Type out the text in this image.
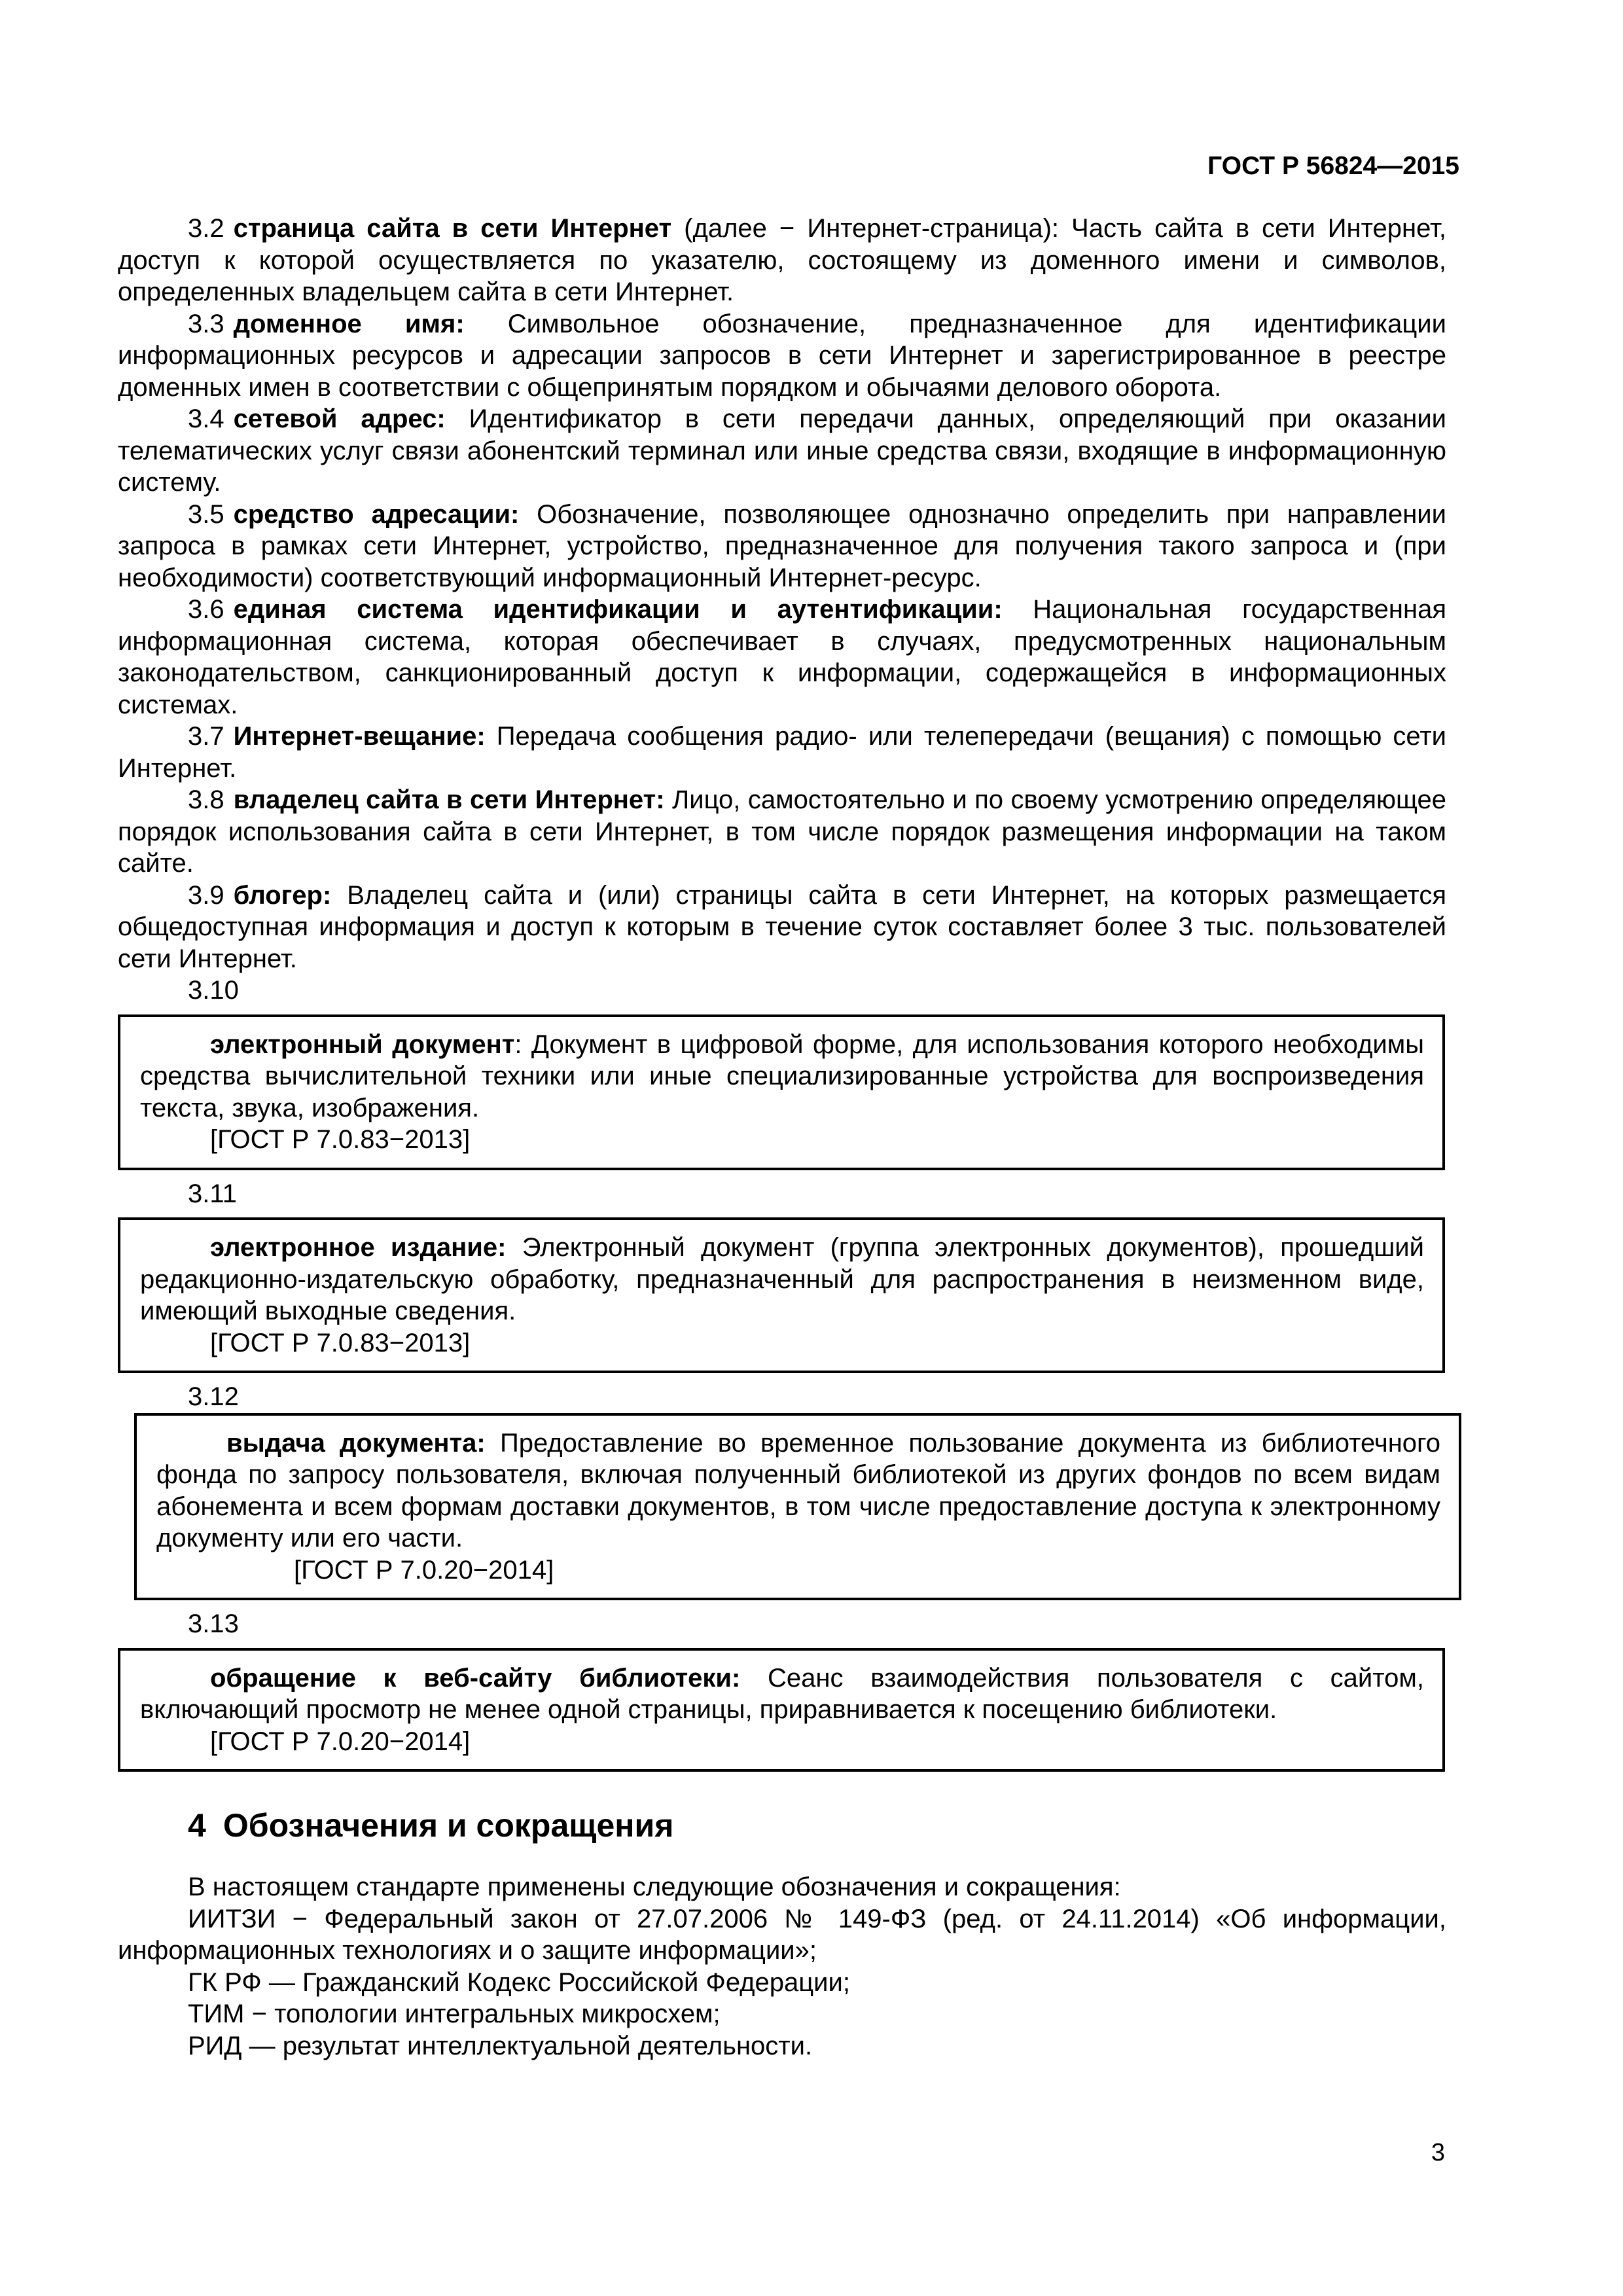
ГОСТ Р 56824—2015

3.2 страница сайта в сети Интернет (далее − Интернет-страница): Часть сайта в сети Интернет, доступ к которой осуществляется по указателю, состоящему из доменного имени и символов, определенных владельцем сайта в сети Интернет.

3.3 доменное имя: Символьное обозначение, предназначенное для идентификации информационных ресурсов и адресации запросов в сети Интернет и зарегистрированное в реестре доменных имен в соответствии с общепринятым порядком и обычаями делового оборота.

3.4 сетевой адрес: Идентификатор в сети передачи данных, определяющий при оказании телематических услуг связи абонентский терминал или иные средства связи, входящие в информационную систему.

3.5 средство адресации: Обозначение, позволяющее однозначно определить при направлении запроса в рамках сети Интернет, устройство, предназначенное для получения такого запроса и (при необходимости) соответствующий информационный Интернет-ресурс.

3.6 единая система идентификации и аутентификации: Национальная государственная информационная система, которая обеспечивает в случаях, предусмотренных национальным законодательством, санкционированный доступ к информации, содержащейся в информационных системах.

3.7 Интернет-вещание: Передача сообщения радио- или телепередачи (вещания) с помощью сети Интернет.

3.8 владелец сайта в сети Интернет: Лицо, самостоятельно и по своему усмотрению определяющее порядок использования сайта в сети Интернет, в том числе порядок размещения информации на таком сайте.

3.9 блогер: Владелец сайта и (или) страницы сайта в сети Интернет, на которых размещается общедоступная информация и доступ к которым в течение суток составляет более 3 тыс. пользователей сети Интернет.

3.10

электронный документ: Документ в цифровой форме, для использования которого необходимы средства вычислительной техники или иные специализированные устройства для воспроизведения текста, звука, изображения.

[ГОСТ Р 7.0.83−2013]

3.11

электронное издание: Электронный документ (группа электронных документов), прошедший редакционно-издательскую обработку, предназначенный для распространения в неизменном виде, имеющий выходные сведения.

[ГОСТ Р 7.0.83−2013]

3.12

выдача документа: Предоставление во временное пользование документа из библиотечного фонда по запросу пользователя, включая полученный библиотекой из других фондов по всем видам абонемента и всем формам доставки документов, в том числе предоставление доступа к электронному документу или его части.

[ГОСТ Р 7.0.20−2014]

3.13

обращение к веб-сайту библиотеки: Сеанс взаимодействия пользователя с сайтом, включающий просмотр не менее одной страницы, приравнивается к посещению библиотеки.

[ГОСТ Р 7.0.20−2014]

4 Обозначения и сокращения

В настоящем стандарте применены следующие обозначения и сокращения:

ИИТЗИ − Федеральный закон от 27.07.2006 № 149-ФЗ (ред. от 24.11.2014) «Об информации, информационных технологиях и о защите информации»;

ГК РФ — Гражданский Кодекс Российской Федерации;

ТИМ − топологии интегральных микросхем;

РИД — результат интеллектуальной деятельности.

3
